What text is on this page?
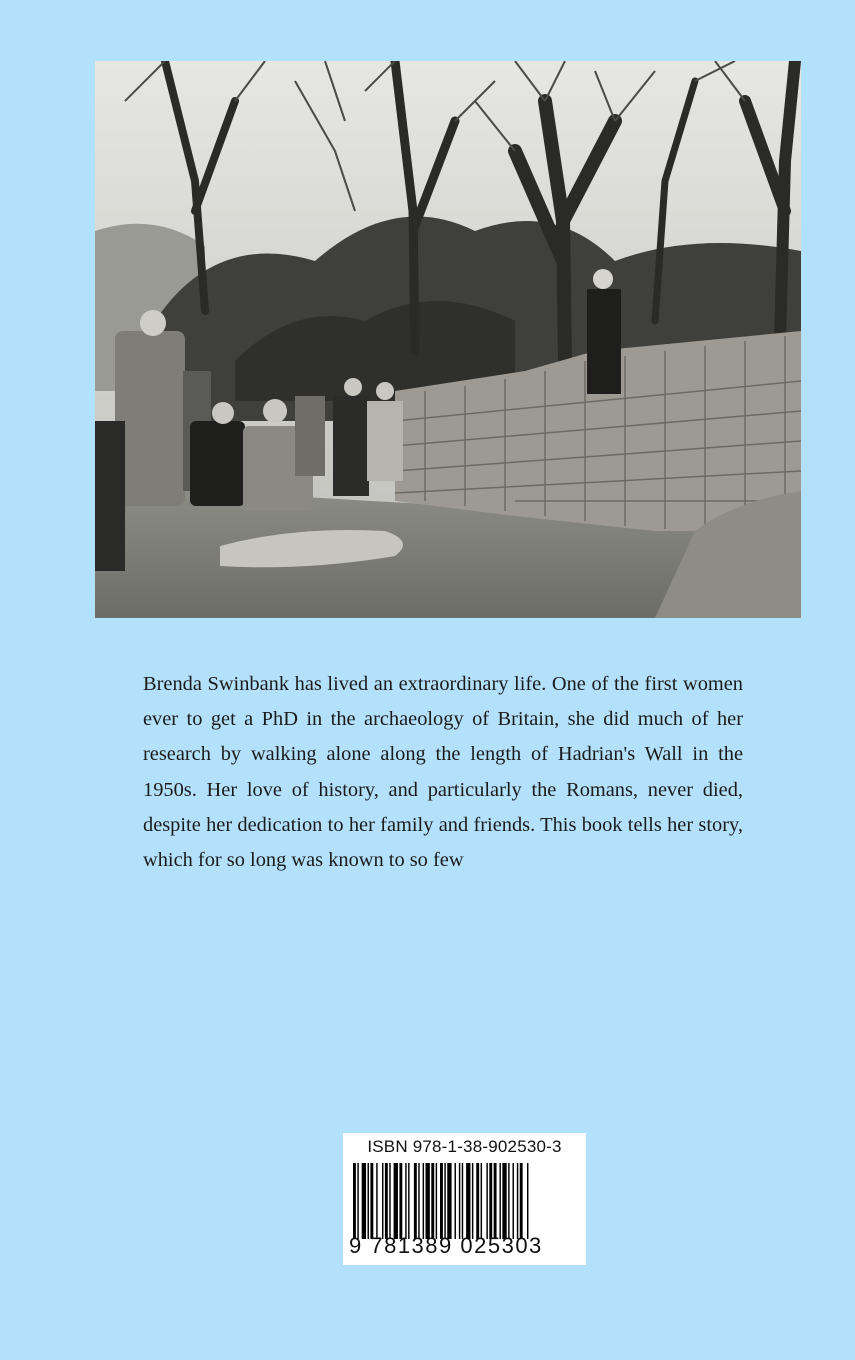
Brenda Swinbank has lived an extraordinary life. One of the first women ever to get a PhD in the archaeology of Britain, she did much of her research by walking alone along the length of Hadrian's Wall in the 1950s. Her love of history, and particularly the Romans, never died, despite her dedication to her family and friends. This book tells her story, which for so long was known to so few

ISBN 978-1-38-902530-3
9 781389 025303
